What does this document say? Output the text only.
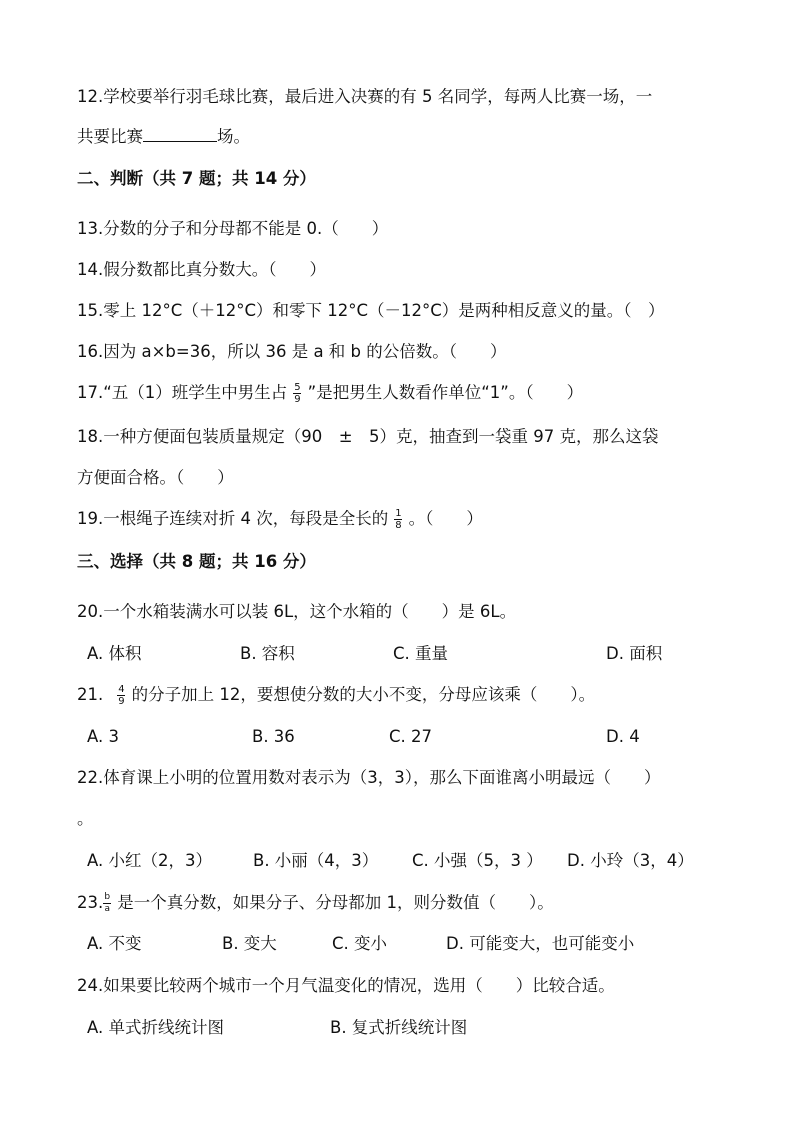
12.学校要举行羽毛球比赛，最后进入决赛的有 5 名同学，每两人比赛一场，一
共要比赛	场。
二、判断（共 7 题；共 14 分）
13.分数的分子和分母都不能是 0.（　　）
14.假分数都比真分数大。（　　）
15.零上 12°C（＋12°C）和零下 12°C（－12°C）是两种相反意义的量。（　）
16.因为 a×b=36，所以 36 是 a 和 b 的公倍数。（　　）
17.“五（1）班学生中男生占 $\frac{5}{9}$ ”是把男生人数看作单位“1”。（　　）
18.一种方便面包装质量规定（90　±　5）克，抽查到一袋重 97 克，那么这袋
方便面合格。（　　）
19.一根绳子连续对折 4 次，每段是全长的 $\frac{1}{8}$ 。（　　）
三、选择（共 8 题；共 16 分）
20.一个水箱装满水可以装 6L，这个水箱的（　　）是 6L。
A. 体积	B. 容积	C. 重量	D. 面积
21. $\frac{4}{9}$ 的分子加上 12，要想使分数的大小不变，分母应该乘（　　）。
A. 3	B. 36	C. 27	D. 4
22.体育课上小明的位置用数对表示为（3，3），那么下面谁离小明最远（　　）
。
A. 小红（2，3） B. 小丽（4，3） C. 小强（5，3 ） D. 小玲（3，4）
23. $\frac{b}{a}$ 是一个真分数，如果分子、分母都加 1，则分数值（　　）。
A. 不变	B. 变大	C. 变小	D. 可能变大，也可能变小
24.如果要比较两个城市一个月气温变化的情况，选用（　　）比较合适。
A. 单式折线统计图	B. 复式折线统计图
